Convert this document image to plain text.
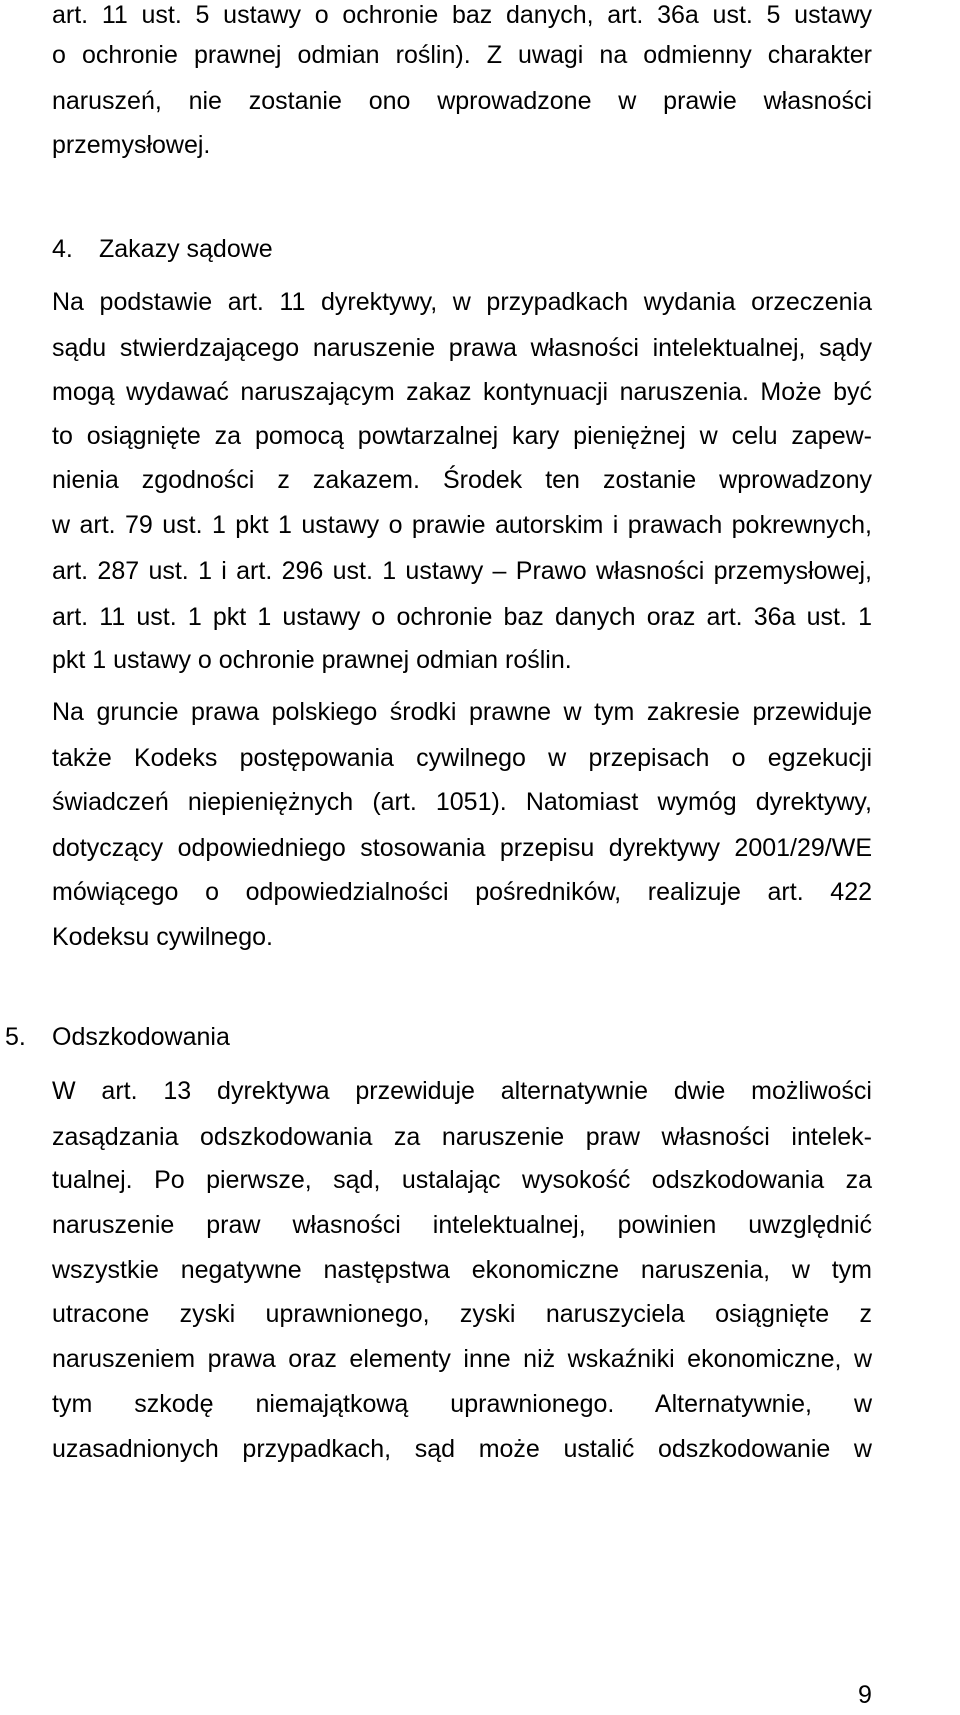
art. 11 ust. 5 ustawy o ochronie baz danych, art. 36a ust. 5 ustawy

o ochronie prawnej odmian roślin). Z uwagi na odmienny charakter

naruszeń, nie zostanie ono wprowadzone w prawie własności

przemysłowej.

4. Zakazy sądowe

Na podstawie art. 11 dyrektywy, w przypadkach wydania orzeczenia

sądu stwierdzającego naruszenie prawa własności intelektualnej, sądy

mogą wydawać naruszającym zakaz kontynuacji naruszenia. Może być

to osiągnięte za pomocą powtarzalnej kary pieniężnej w celu zapew-

nienia zgodności z zakazem. Środek ten zostanie wprowadzony

w art. 79 ust. 1 pkt 1 ustawy o prawie autorskim i prawach pokrewnych,

art. 287 ust. 1 i art. 296 ust. 1 ustawy – Prawo własności przemysłowej,

art. 11 ust. 1 pkt 1 ustawy o ochronie baz danych oraz art. 36a ust. 1

pkt 1 ustawy o ochronie prawnej odmian roślin.

Na gruncie prawa polskiego środki prawne w tym zakresie przewiduje

także Kodeks postępowania cywilnego w przepisach o egzekucji

świadczeń niepieniężnych (art. 1051). Natomiast wymóg dyrektywy,

dotyczący odpowiedniego stosowania przepisu dyrektywy 2001/29/WE

mówiącego o odpowiedzialności pośredników, realizuje art. 422

Kodeksu cywilnego.

5. Odszkodowania

W art. 13 dyrektywa przewiduje alternatywnie dwie możliwości

zasądzania odszkodowania za naruszenie praw własności intelek-

tualnej. Po pierwsze, sąd, ustalając wysokość odszkodowania za

naruszenie praw własności intelektualnej, powinien uwzględnić

wszystkie negatywne następstwa ekonomiczne naruszenia, w tym

utracone zyski uprawnionego, zyski naruszyciela osiągnięte z

naruszeniem prawa oraz elementy inne niż wskaźniki ekonomiczne, w

tym szkodę niemajątkową uprawnionego. Alternatywnie, w

uzasadnionych przypadkach, sąd może ustalić odszkodowanie w

9
